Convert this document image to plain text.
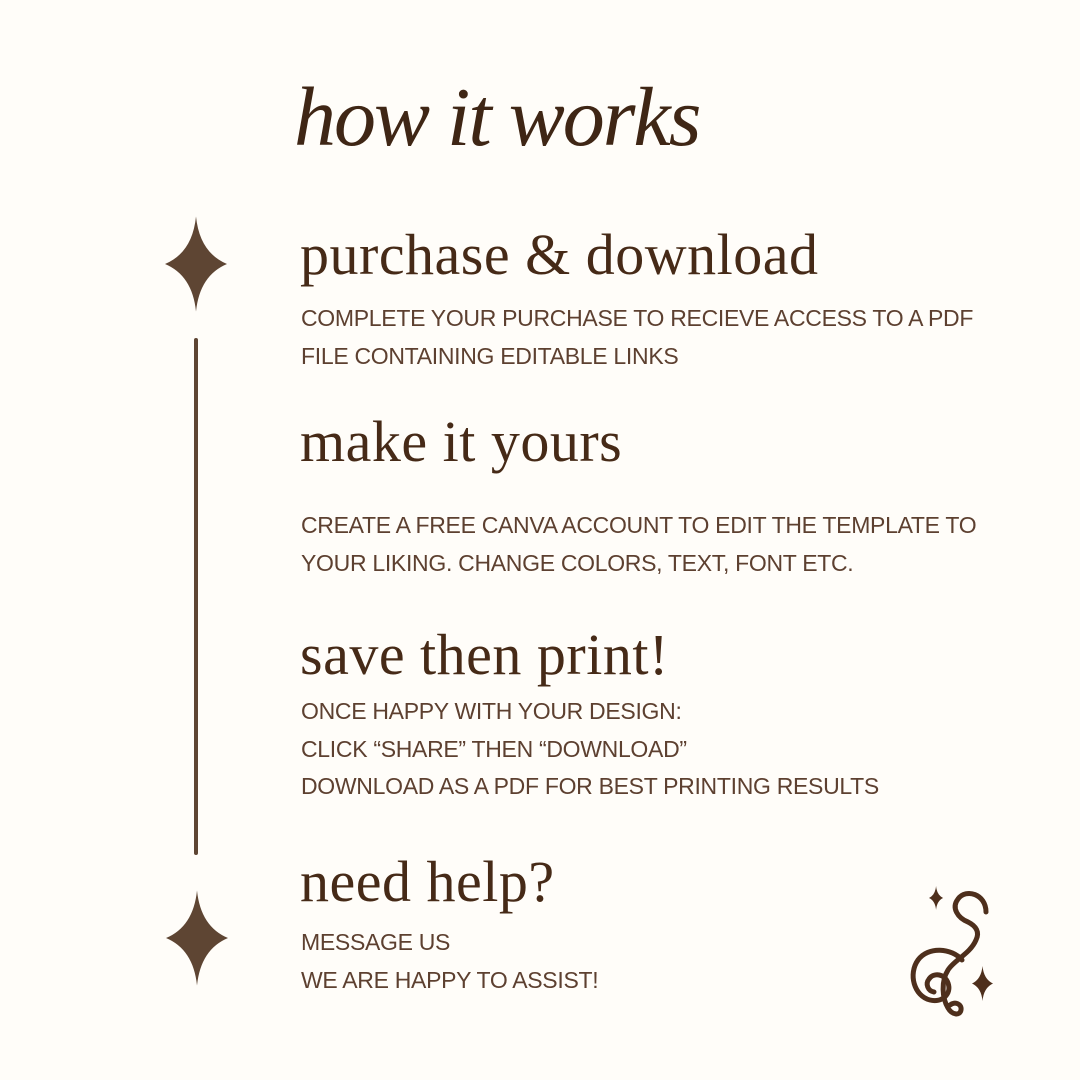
how it works
purchase & download
COMPLETE YOUR PURCHASE TO RECIEVE ACCESS TO A PDF
FILE CONTAINING EDITABLE LINKS
make it yours
CREATE A FREE CANVA ACCOUNT TO EDIT THE TEMPLATE TO
YOUR LIKING. CHANGE COLORS, TEXT, FONT ETC.
save then print!
ONCE HAPPY WITH YOUR DESIGN:
CLICK “SHARE” THEN “DOWNLOAD”
DOWNLOAD AS A PDF FOR BEST PRINTING RESULTS
need help?
MESSAGE US
WE ARE HAPPY TO ASSIST!
